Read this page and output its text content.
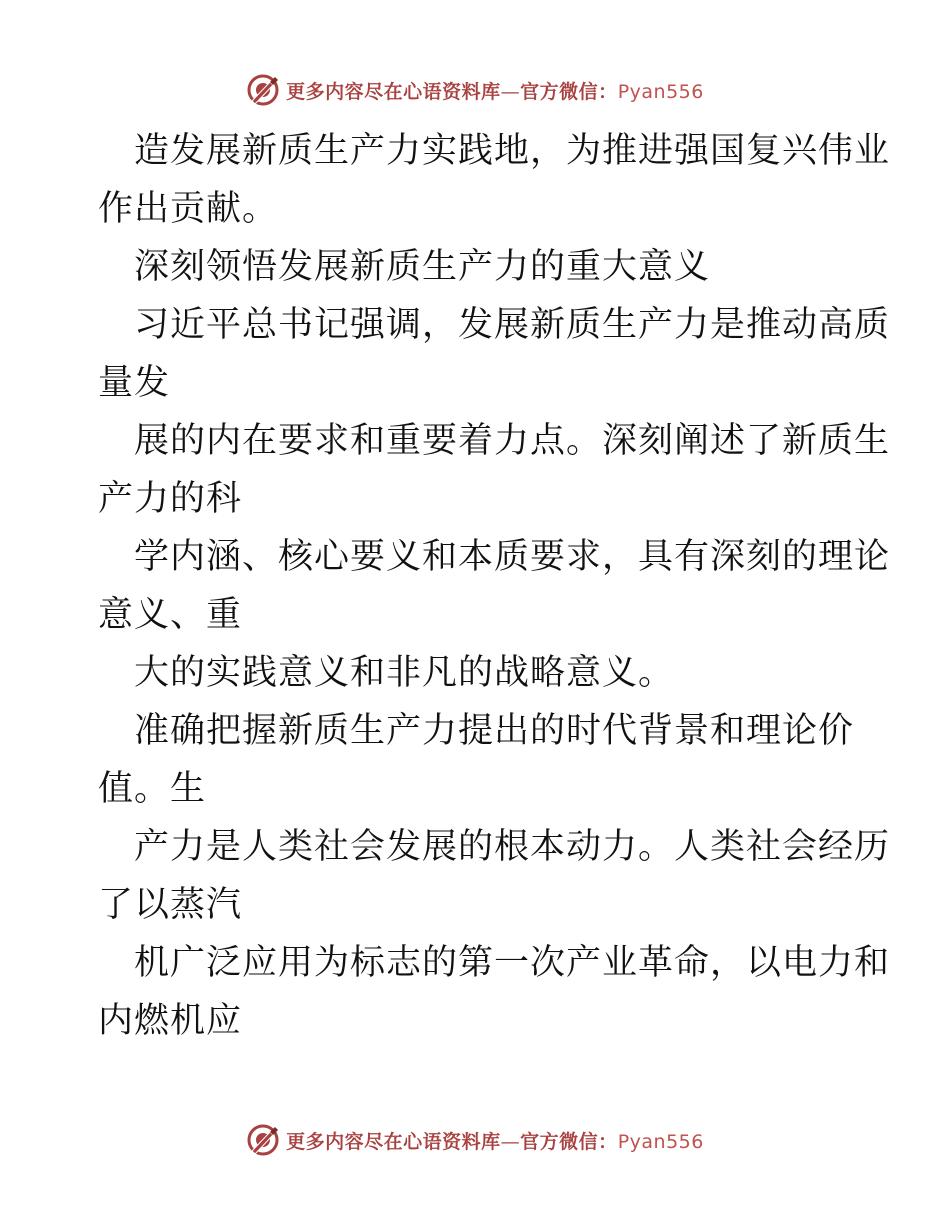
更多内容尽在心语资料库—官方微信：Pyan556
造发展新质生产力实践地，为推进强国复兴伟业
作出贡献。
深刻领悟发展新质生产力的重大意义
习近平总书记强调，发展新质生产力是推动高质
量发
展的内在要求和重要着力点。深刻阐述了新质生
产力的科
学内涵、核心要义和本质要求，具有深刻的理论
意义、重
大的实践意义和非凡的战略意义。
准确把握新质生产力提出的时代背景和理论价
值。生
产力是人类社会发展的根本动力。人类社会经历
了以蒸汽
机广泛应用为标志的第一次产业革命，以电力和
内燃机应
更多内容尽在心语资料库—官方微信：Pyan556
